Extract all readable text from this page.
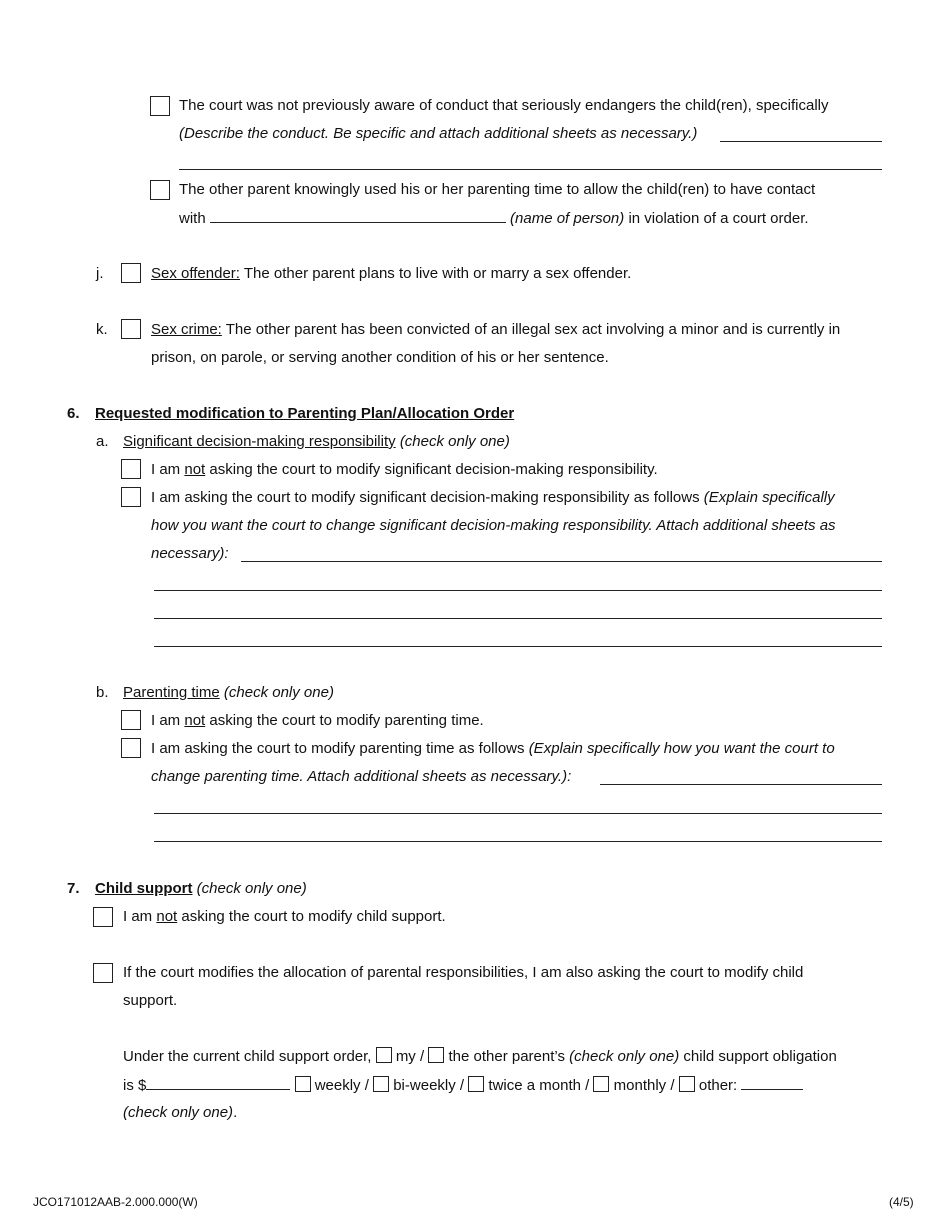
The court was not previously aware of conduct that seriously endangers the child(ren), specifically
(Describe the conduct. Be specific and attach additional sheets as necessary.)
The other parent knowingly used his or her parenting time to allow the child(ren) to have contact
with	(name of person) in violation of a court order.
j.	Sex offender: The other parent plans to live with or marry a sex offender.
k.	Sex crime: The other parent has been convicted of an illegal sex act involving a minor and is currently in
prison, on parole, or serving another condition of his or her sentence.
6. Requested modification to Parenting Plan/Allocation Order
a. Significant decision-making responsibility (check only one)
I am not asking the court to modify significant decision-making responsibility.
I am asking the court to modify significant decision-making responsibility as follows (Explain specifically
how you want the court to change significant decision-making responsibility. Attach additional sheets as
necessary):
b. Parenting time (check only one)
I am not asking the court to modify parenting time.
I am asking the court to modify parenting time as follows (Explain specifically how you want the court to
change parenting time. Attach additional sheets as necessary.):
7. Child support (check only one)
I am not asking the court to modify child support.
If the court modifies the allocation of parental responsibilities, I am also asking the court to modify child
support.
Under the current child support order, my / the other parent’s (check only one) child support obligation
is $	weekly / bi-weekly / twice a month / monthly / other:
(check only one).
JCO171012AAB-2.000.000(W)	(4/5)
